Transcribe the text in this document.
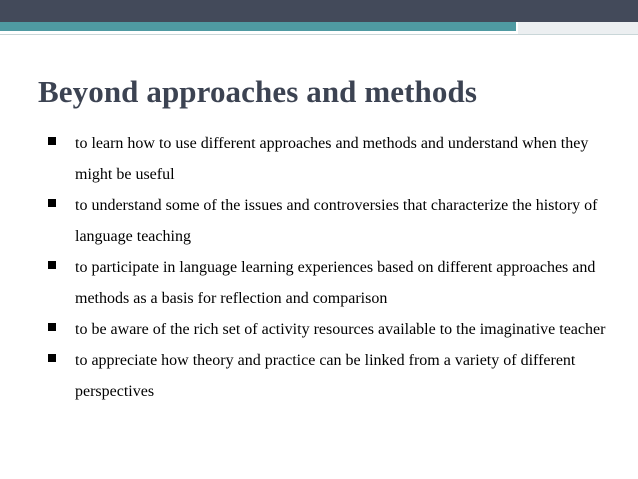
Beyond approaches and methods
to learn how to use different approaches and methods and understand when they might be useful
to understand some of the issues and controversies that characterize the history of language teaching
to participate in language learning experiences based on different approaches and methods as a basis for reflection and comparison
to be aware of the rich set of activity resources available to the imaginative teacher
to appreciate how theory and practice can be linked from a variety of different perspectives
